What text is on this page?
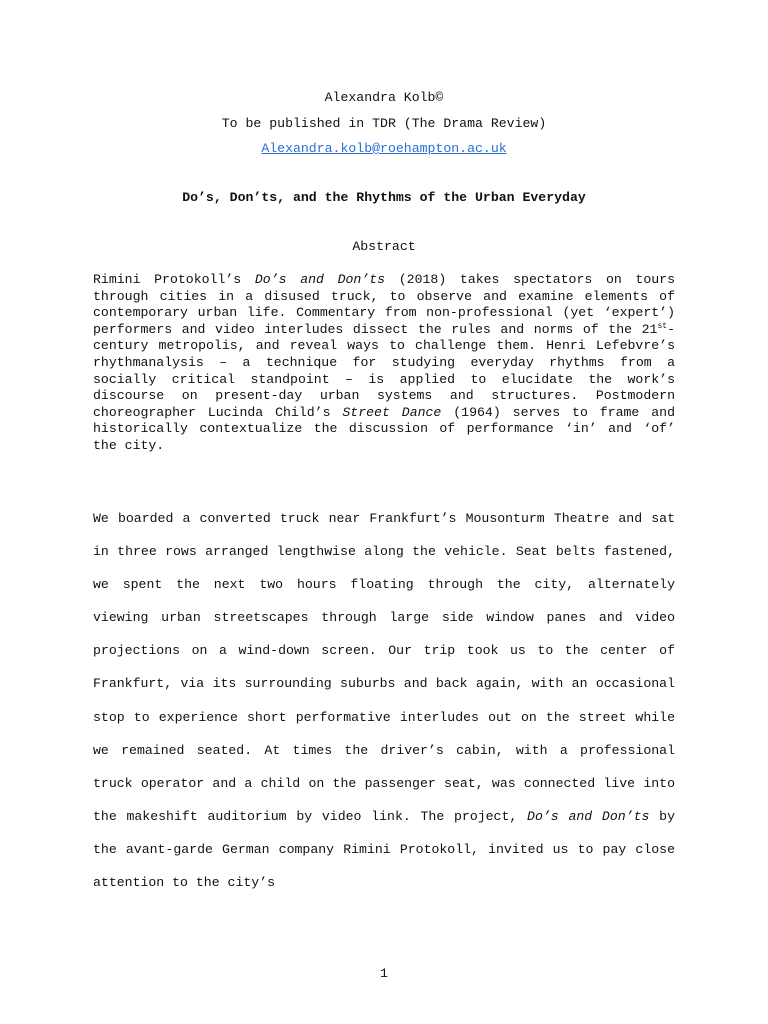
Alexandra Kolb©
To be published in TDR (The Drama Review)
Alexandra.kolb@roehampton.ac.uk
Do’s, Don’ts, and the Rhythms of the Urban Everyday
Abstract

Rimini Protokoll’s Do’s and Don’ts (2018) takes spectators on tours through cities in a disused truck, to observe and examine elements of contemporary urban life. Commentary from non-professional (yet ‘expert’) performers and video interludes dissect the rules and norms of the 21st-century metropolis, and reveal ways to challenge them. Henri Lefebvre’s rhythmanalysis – a technique for studying everyday rhythms from a socially critical standpoint – is applied to elucidate the work’s discourse on present-day urban systems and structures. Postmodern choreographer Lucinda Child’s Street Dance (1964) serves to frame and historically contextualize the discussion of performance ‘in’ and ‘of’ the city.

We boarded a converted truck near Frankfurt’s Mousonturm Theatre and sat in three rows arranged lengthwise along the vehicle. Seat belts fastened, we spent the next two hours floating through the city, alternately viewing urban streetscapes through large side window panes and video projections on a wind-down screen. Our trip took us to the center of Frankfurt, via its surrounding suburbs and back again, with an occasional stop to experience short performative interludes out on the street while we remained seated. At times the driver’s cabin, with a professional truck operator and a child on the passenger seat, was connected live into the makeshift auditorium by video link. The project, Do’s and Don’ts by the avant-garde German company Rimini Protokoll, invited us to pay close attention to the city’s

1
